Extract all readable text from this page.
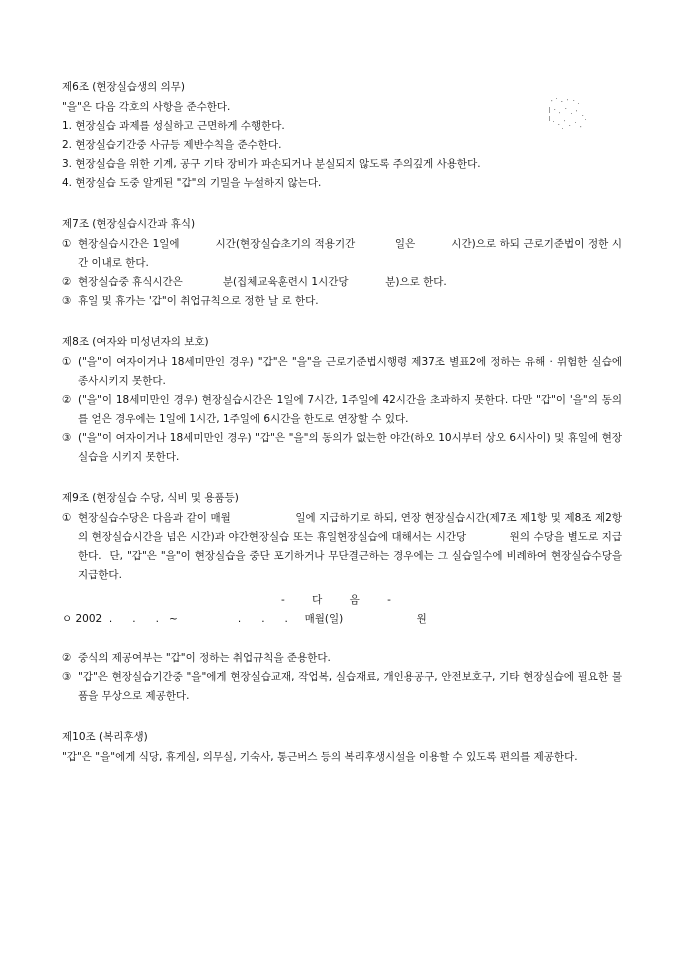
제6조 (현장실습생의 의무)
"을"은 다음 각호의 사항을 준수한다.
1. 현장실습 과제를 성실하고 근면하게 수행한다.
2. 현장실습기간중 사규등 제반수칙을 준수한다.
3. 현장실습을 위한 기계, 공구 기타 장비가 파손되거나 분실되지 않도록 주의깊게 사용한다.
4. 현장실습 도중 알게된 "갑"의 기밀을 누설하지 않는다.
제7조 (현장실습시간과 휴식)
① 현장실습시간은 1일에          시간(현장실습초기의 적용기간           일은          시간)으로 하되 근로기준법이 정한 시간 이내로 한다.
② 현장실습중 휴식시간은            분(집체교육훈련시 1시간당           분)으로 한다.
③ 휴일 및 휴가는 '갑"이 취업규칙으로 정한 날 로 한다.
제8조 (여자와 미성년자의 보호)
① ("을"이 여자이거나 18세미만인 경우) "갑"은 "을"을 근로기준법시행령 제37조 별표2에 정하는 유해 · 위험한 실습에 종사시키지 못한다.
② ("을"이 18세미만인 경우) 현장실습시간은 1일에 7시간, 1주일에 42시간을 초과하지 못한다. 다만 "갑"이 '을"의 동의를 얻은 경우에는 1일에 1시간, 1주일에 6시간을 한도로 연장할 수 있다.
③ ("을"이 여자이거나 18세미만인 경우) "갑"은 "을"의 동의가 없는한 야간(하오 10시부터 상오 6시사이) 및 휴일에 현장실습을 시키지 못한다.
제9조 (현장실습 수당, 식비 및 용품등)
① 현장실습수당은 다음과 같이 매월                  일에 지급하기로 하되, 연장 현장실습시간(제7조 제1항 및 제8조 제2항의 현장실습시간을 넘은 시간)과 야간현장실습 또는 휴일현장실습에 대해서는 시간당            원의 수당을 별도로 지급한다.  단, "갑"은 "을"이 현장실습을 중단 포기하거나 무단결근하는 경우에는 그 실습일수에 비례하여 현장실습수당을 지급한다.
- 다 음 -
ㅇ 2002  .      .      .   ~                  .      .      .     매월(일)                      원
② 중식의 제공여부는 "갑"이 정하는 취업규칙을 준용한다.
③ "갑"은 현장실습기간중 "을"에게 현장실습교재, 작업복, 실습재료, 개인용공구, 안전보호구, 기타 현장실습에 필요한 물품을 무상으로 제공한다.
제10조 (복리후생)
"갑"은 "을"에게 식당, 휴게실, 의무실, 기숙사, 통근버스 등의 복리후생시설을 이용할 수 있도록 편의를 제공한다.
